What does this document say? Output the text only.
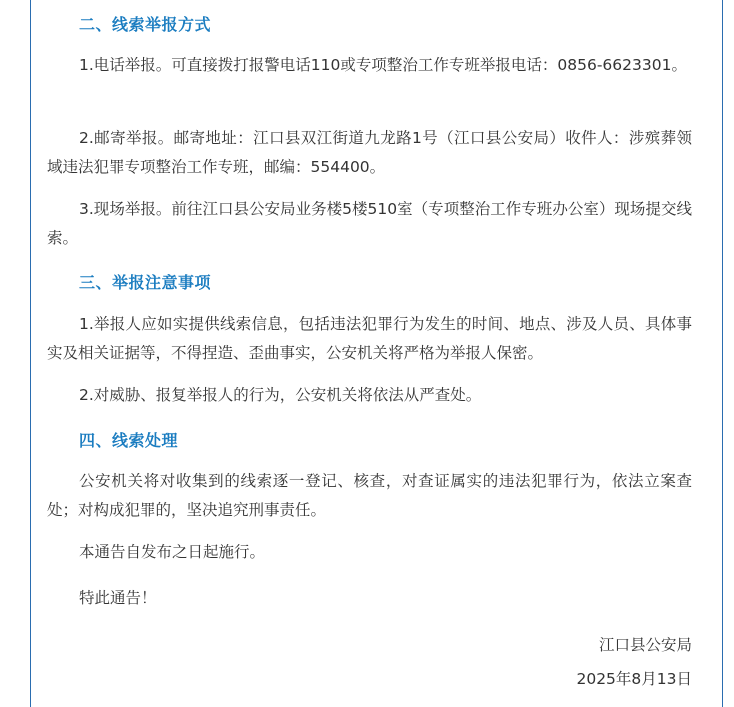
二、线索举报方式
1.电话举报。可直接拨打报警电话110或专项整治工作专班举报电话：0856-6623301。
2.邮寄举报。邮寄地址：江口县双江街道九龙路1号（江口县公安局）收件人：涉殡葬领域违法犯罪专项整治工作专班，邮编：554400。
3.现场举报。前往江口县公安局业务楼5楼510室（专项整治工作专班办公室）现场提交线索。
三、举报注意事项
1.举报人应如实提供线索信息，包括违法犯罪行为发生的时间、地点、涉及人员、具体事实及相关证据等，不得捏造、歪曲事实，公安机关将严格为举报人保密。
2.对威胁、报复举报人的行为，公安机关将依法从严查处。
四、线索处理
公安机关将对收集到的线索逐一登记、核查，对查证属实的违法犯罪行为，依法立案查处；对构成犯罪的，坚决追究刑事责任。
本通告自发布之日起施行。
特此通告！
江口县公安局
2025年8月13日
